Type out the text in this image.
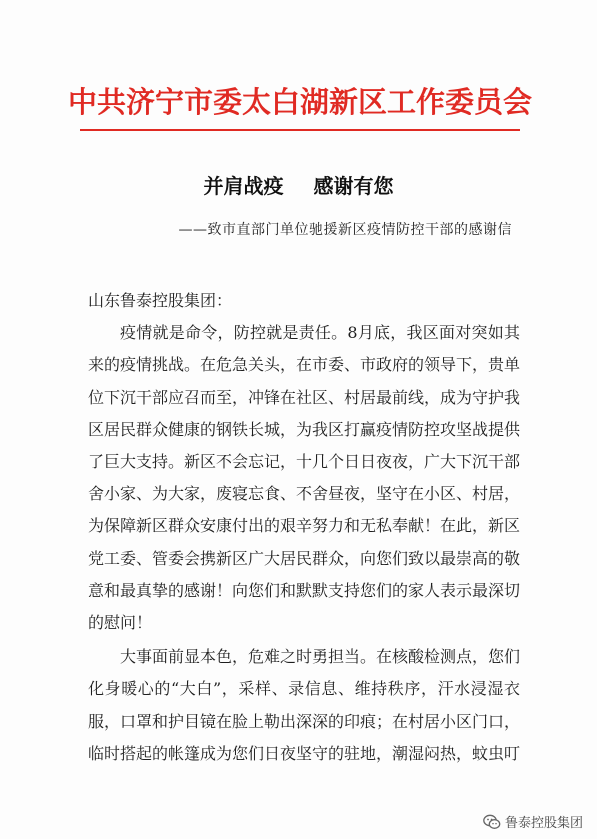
中共济宁市委太白湖新区工作委员会
并肩战疫 感谢有您
——致市直部门单位驰援新区疫情防控干部的感谢信

山东鲁泰控股集团：

疫情就是命令，防控就是责任。8月底，我区面对突如其来的疫情挑战。在危急关头，在市委、市政府的领导下，贵单位下沉干部应召而至，冲锋在社区、村居最前线，成为守护我区居民群众健康的钢铁长城，为我区打赢疫情防控攻坚战提供了巨大支持。新区不会忘记，十几个日日夜夜，广大下沉干部舍小家、为大家，废寝忘食、不舍昼夜，坚守在小区、村居，为保障新区群众安康付出的艰辛努力和无私奉献！在此，新区党工委、管委会携新区广大居民群众，向您们致以最崇高的敬意和最真挚的感谢！向您们和默默支持您们的家人表示最深切的慰问！

大事面前显本色，危难之时勇担当。在核酸检测点，您们化身暖心的“大白”，采样、录信息、维持秩序，汗水浸湿衣服，口罩和护目镜在脸上勒出深深的印痕；在村居小区门口，临时搭起的帐篷成为您们日夜坚守的驻地，潮湿闷热，蚊虫叮

鲁泰控股集团
